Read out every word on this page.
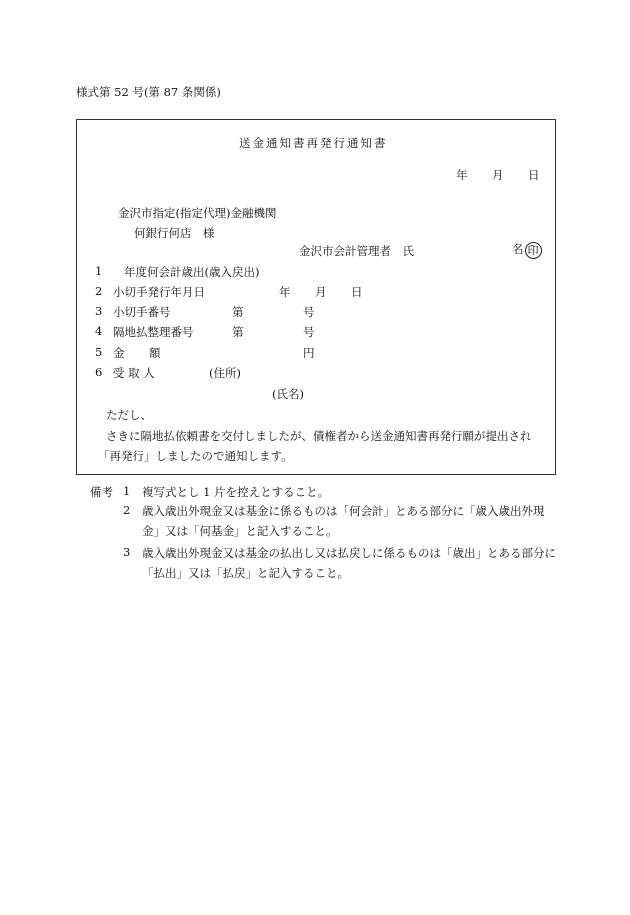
様式第 52 号(第 87 条関係)
送金通知書再発行通知書
年 月 日
金沢市指定(指定代理)金融機関
何銀行何店　様
金沢市会計管理者　氏	名 印
1 年度何会計歳出(歳入戻出)
2 小切手発行年月日	年 月 日
3 小切手番号	第	号
4 隔地払整理番号	第	号
5 金 額	円
6 受 取 人	(住所)
(氏名)
ただし、
さきに隔地払依頼書を交付しましたが、債権者から送金通知書再発行願が提出され
「再発行」しましたので通知します。
備考 1 複写式とし 1 片を控えとすること。
2 歳入歳出外現金又は基金に係るものは「何会計」とある部分に「歳入歳出外現金」又は「何基金」と記入すること。
3 歳入歳出外現金又は基金の払出し又は払戻しに係るものは「歳出」とある部分に「払出」又は「払戻」と記入すること。
